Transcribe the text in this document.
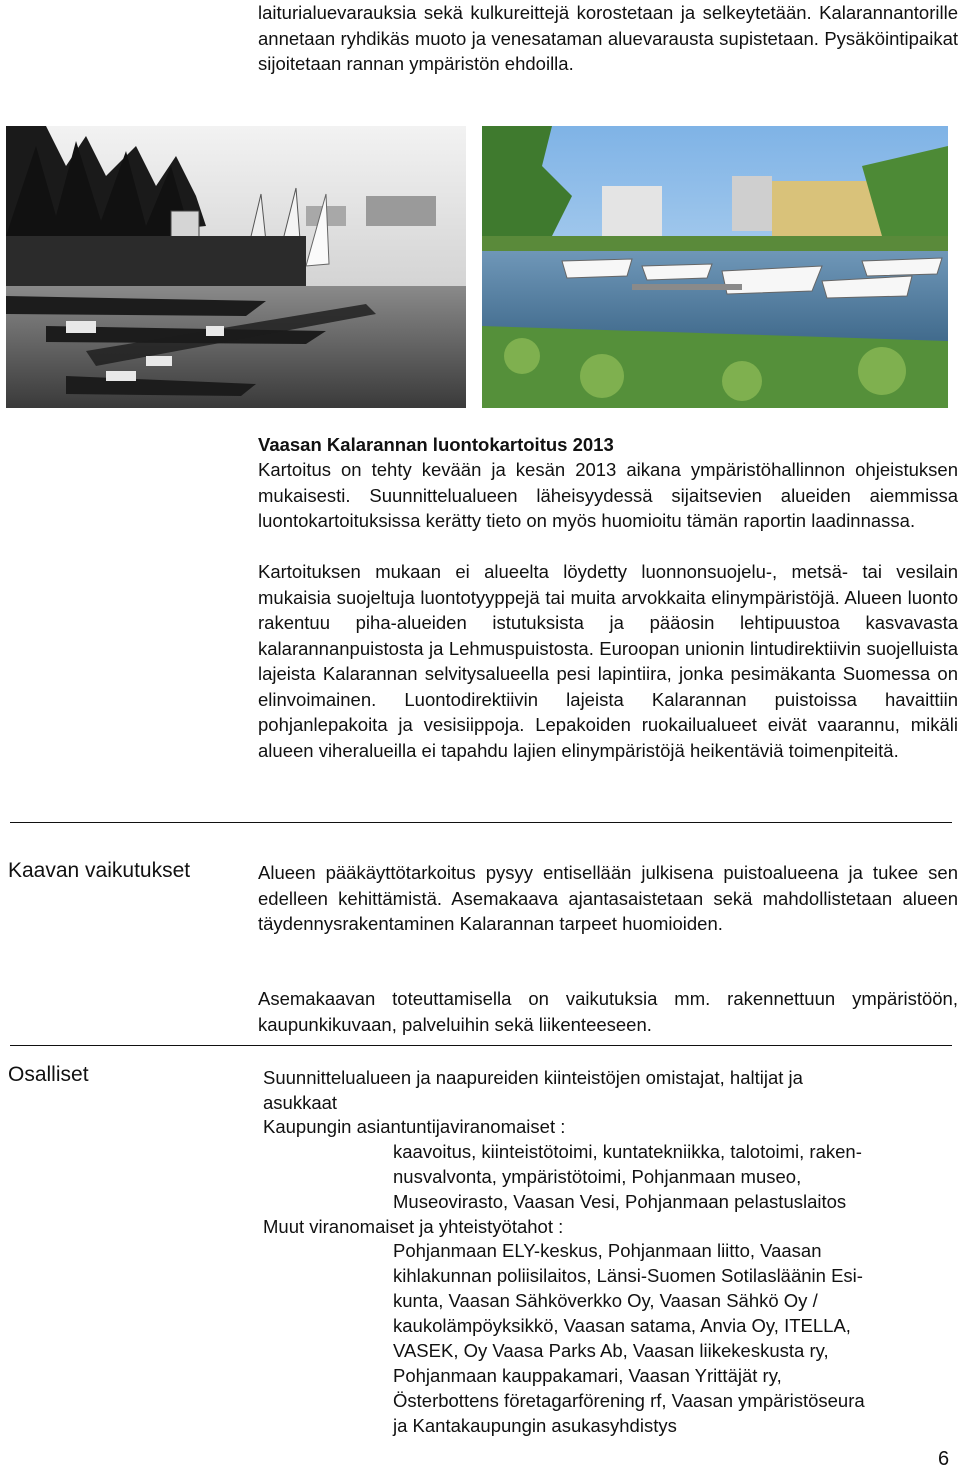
laiturialuevarauksia sekä kulkureittejä korostetaan ja selkeytetään. Kalarannantorille annetaan ryhdikäs muoto ja venesataman aluevarausta supistetaan. Pysäköintipaikat sijoitetaan rannan ympäristön ehdoilla.
Vaasan Kalarannan luontokartoitus 2013
Kartoitus on tehty kevään ja kesän 2013 aikana ympäristöhallinnon ohjeistuksen mukaisesti. Suunnittelualueen läheisyydessä sijaitsevien alueiden aiemmissa luontokartoituksissa kerätty tieto on myös huomioitu tämän raportin laadinnassa.
Kartoituksen mukaan ei alueelta löydetty luonnonsuojelu-, metsä- tai vesilain mukaisia suojeltuja luontotyyppejä tai muita arvokkaita elinympäristöjä. Alueen luonto rakentuu piha-alueiden istutuksista ja pääosin lehtipuustoa kasvavasta kalarannanpuistosta ja Lehmuspuistosta. Euroopan unionin lintudirektiivin suojelluista lajeista Kalarannan selvitysalueella pesi lapintiira, jonka pesimäkanta Suomessa on elinvoimainen. Luontodirektiivin lajeista Kalarannan puistoissa havaittiin pohjanlepakoita ja vesisiippoja. Lepakoiden ruokailualueet eivät vaarannu, mikäli alueen viheralueilla ei tapahdu lajien elinympäristöjä heikentäviä toimenpiteitä.
Kaavan vaikutukset	Alueen pääkäyttötarkoitus pysyy entisellään julkisena puistoalueena ja tukee sen edelleen kehittämistä. Asemakaava ajantasaistetaan sekä mahdollistetaan alueen täydennysrakentaminen Kalarannan tarpeet huomioiden.
Asemakaavan toteuttamisella on vaikutuksia mm. rakennettuun ympäristöön, kaupunkikuvaan, palveluihin sekä liikenteeseen.
Osalliset	Suunnittelualueen ja naapureiden kiinteistöjen omistajat, haltijat ja
asukkaat
Kaupungin asiantuntijaviranomaiset :
kaavoitus, kiinteistötoimi, kuntatekniikka, talotoimi, raken-
nusvalvonta, ympäristötoimi, Pohjanmaan museo,
Museovirasto, Vaasan Vesi, Pohjanmaan pelastuslaitos
Muut viranomaiset ja yhteistyötahot :
Pohjanmaan ELY-keskus, Pohjanmaan liitto, Vaasan
kihlakunnan poliisilaitos, Länsi-Suomen Sotilasläänin Esi-
kunta, Vaasan Sähköverkko Oy, Vaasan Sähkö Oy /
kaukolämpöyksikkö, Vaasan satama, Anvia Oy, ITELLA,
VASEK, Oy Vaasa Parks Ab, Vaasan liikekeskusta ry,
Pohjanmaan kauppakamari, Vaasan Yrittäjät ry,
Österbottens företagarförening rf, Vaasan ympäristöseura
ja Kantakaupungin asukasyhdistys
6
